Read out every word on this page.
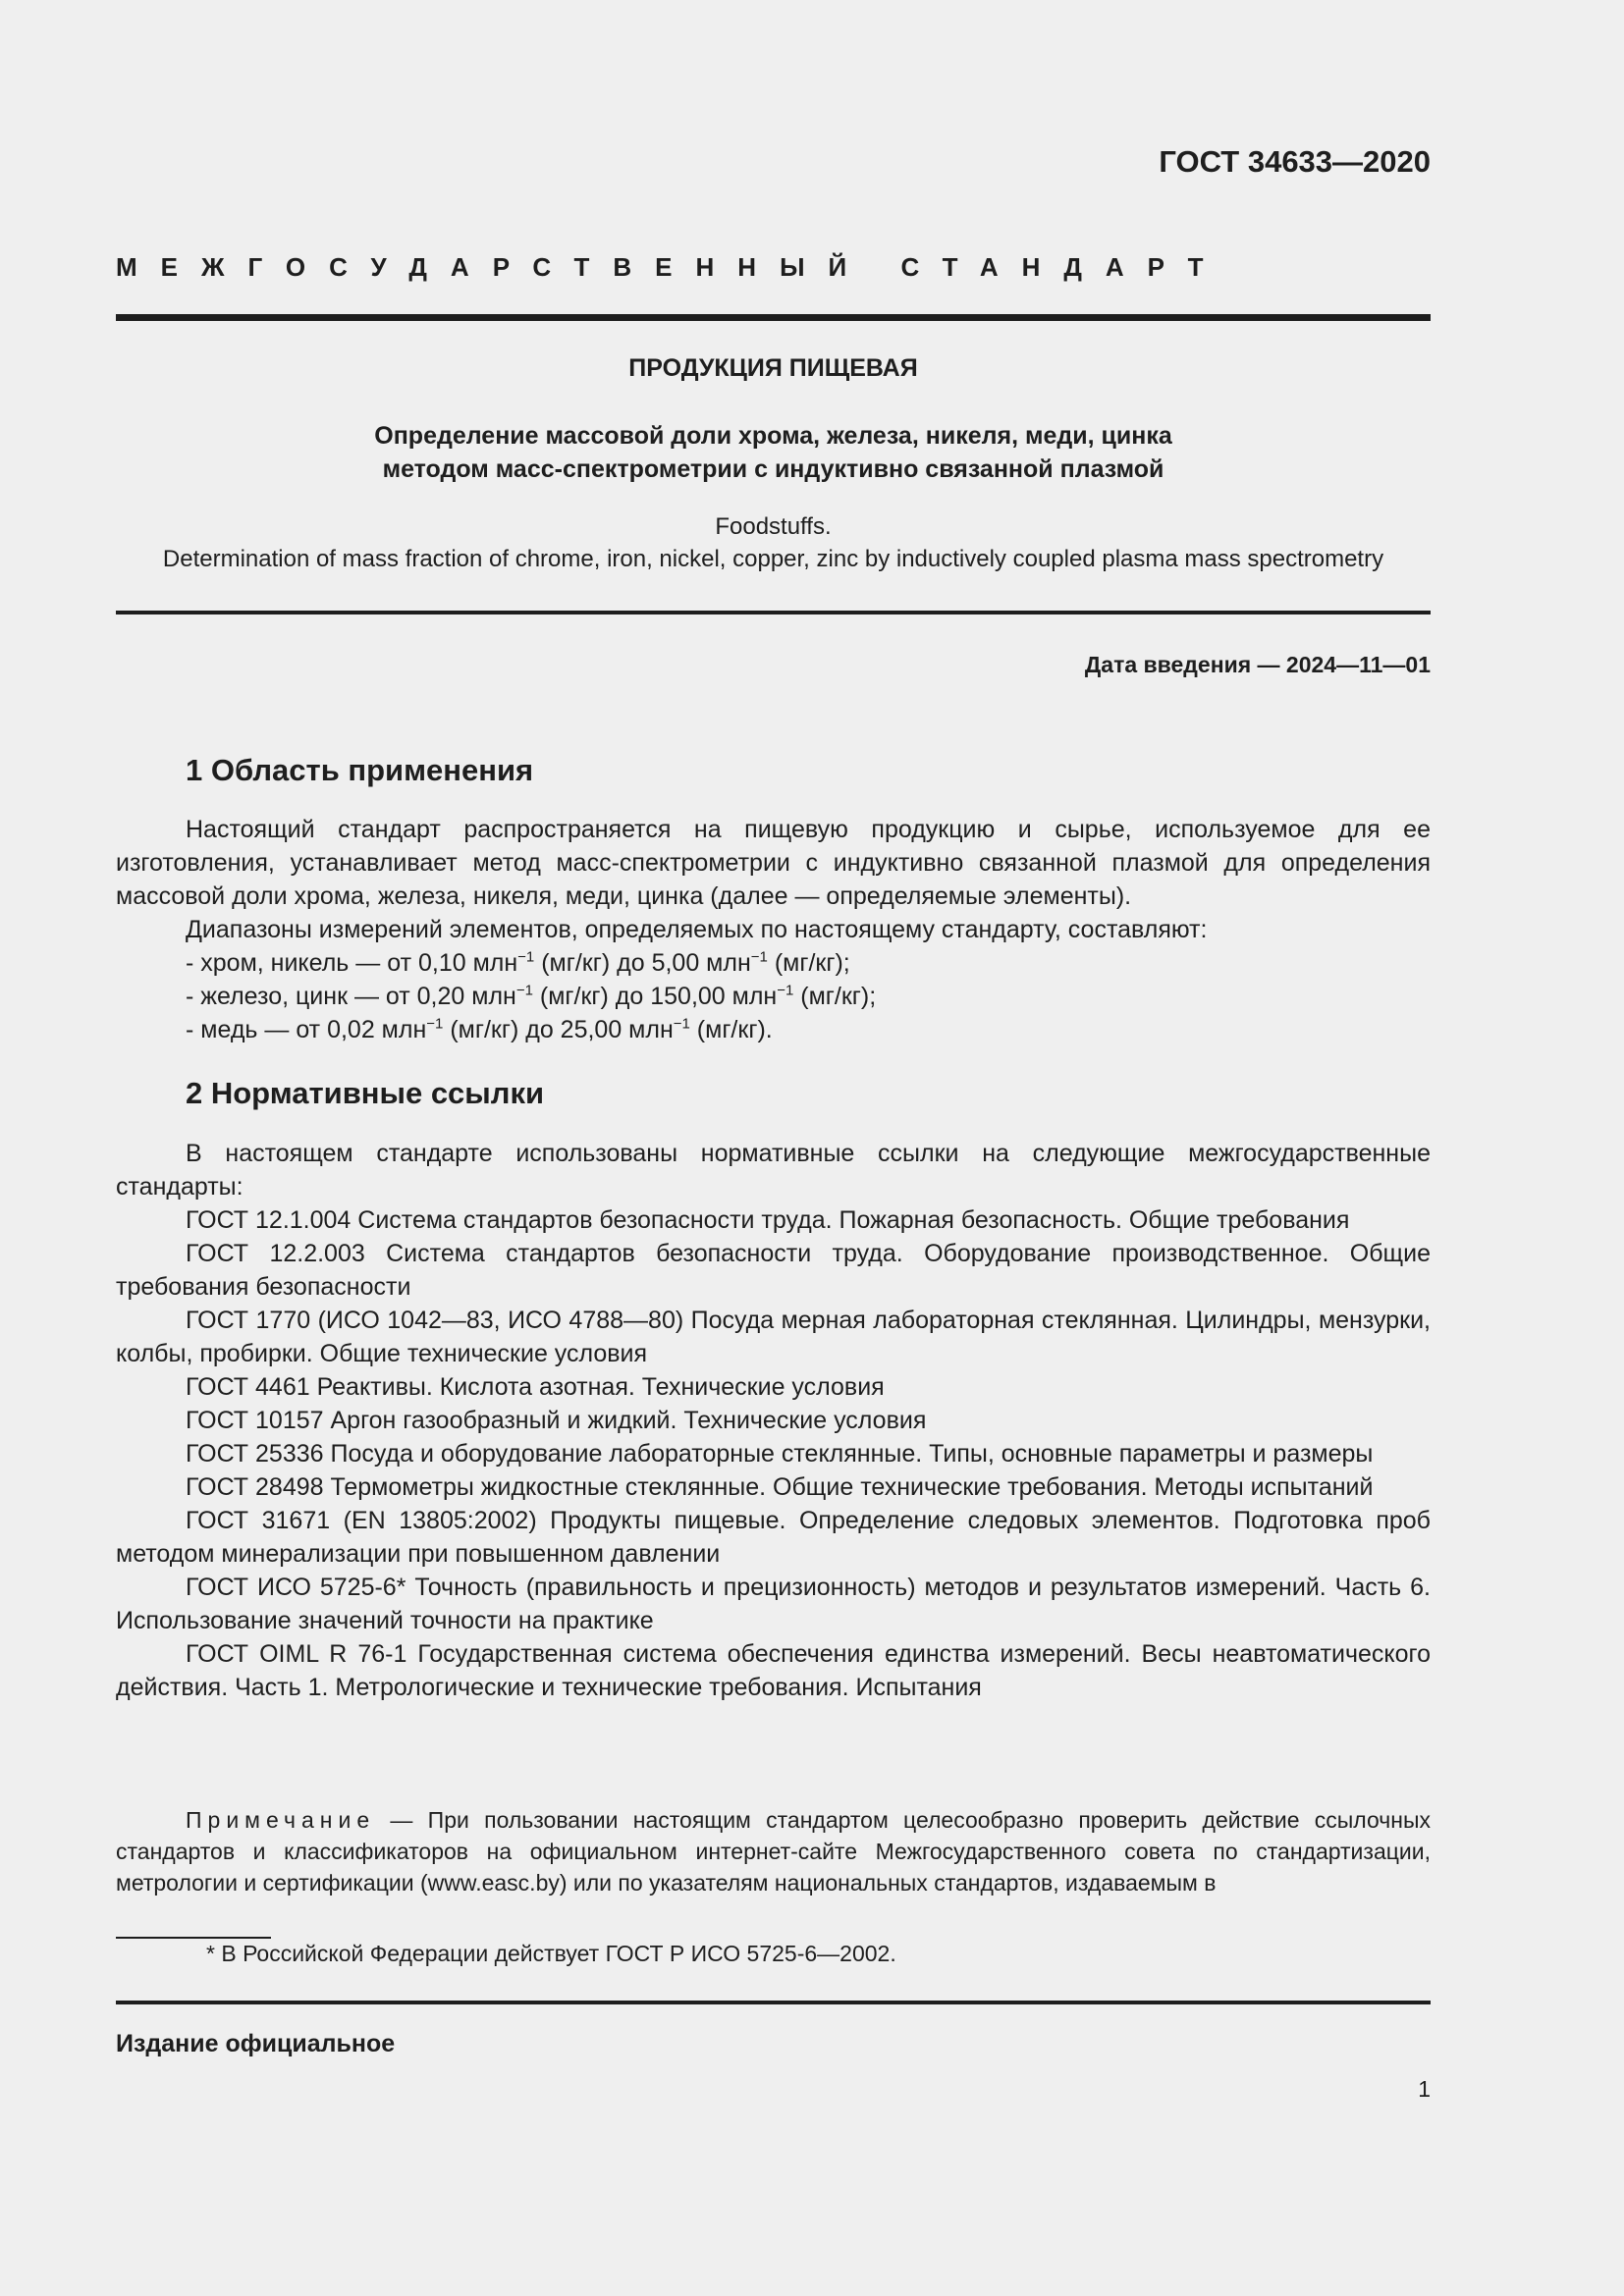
ГОСТ 34633—2020
МЕЖГОСУДАРСТВЕННЫЙ СТАНДАРТ
ПРОДУКЦИЯ ПИЩЕВАЯ
Определение массовой доли хрома, железа, никеля, меди, цинка
методом масс-спектрометрии с индуктивно связанной плазмой
Foodstuffs.
Determination of mass fraction of chrome, iron, nickel, copper, zinc by inductively coupled plasma mass spectrometry
Дата введения — 2024—11—01
1 Область применения

Настоящий стандарт распространяется на пищевую продукцию и сырье, используемое для ее изготовления, устанавливает метод масс-спектрометрии с индуктивно связанной плазмой для определения массовой доли хрома, железа, никеля, меди, цинка (далее — определяемые элементы).

Диапазоны измерений элементов, определяемых по настоящему стандарту, составляют:

- хром, никель — от 0,10 млн$^{-1}$ (мг/кг) до 5,00 млн$^{-1}$ (мг/кг);

- железо, цинк — от 0,20 млн$^{-1}$ (мг/кг) до 150,00 млн$^{-1}$ (мг/кг);

- медь — от 0,02 млн$^{-1}$ (мг/кг) до 25,00 млн$^{-1}$ (мг/кг).

2 Нормативные ссылки

В настоящем стандарте использованы нормативные ссылки на следующие межгосударственные стандарты:

ГОСТ 12.1.004 Система стандартов безопасности труда. Пожарная безопасность. Общие требования

ГОСТ 12.2.003 Система стандартов безопасности труда. Оборудование производственное. Общие требования безопасности

ГОСТ 1770 (ИСО 1042—83, ИСО 4788—80) Посуда мерная лабораторная стеклянная. Цилиндры, мензурки, колбы, пробирки. Общие технические условия

ГОСТ 4461 Реактивы. Кислота азотная. Технические условия

ГОСТ 10157 Аргон газообразный и жидкий. Технические условия

ГОСТ 25336 Посуда и оборудование лабораторные стеклянные. Типы, основные параметры и размеры

ГОСТ 28498 Термометры жидкостные стеклянные. Общие технические требования. Методы испытаний

ГОСТ 31671 (EN 13805:2002) Продукты пищевые. Определение следовых элементов. Подготовка проб методом минерализации при повышенном давлении

ГОСТ ИСО 5725-6* Точность (правильность и прецизионность) методов и результатов измерений. Часть 6. Использование значений точности на практике

ГОСТ OIML R 76-1 Государственная система обеспечения единства измерений. Весы неавтоматического действия. Часть 1. Метрологические и технические требования. Испытания

Примечание — При пользовании настоящим стандартом целесообразно проверить действие ссылочных стандартов и классификаторов на официальном интернет-сайте Межгосударственного совета по стандартизации, метрологии и сертификации (www.easc.by) или по указателям национальных стандартов, издаваемым в
* В Российской Федерации действует ГОСТ Р ИСО 5725-6—2002.
Издание официальное
1
